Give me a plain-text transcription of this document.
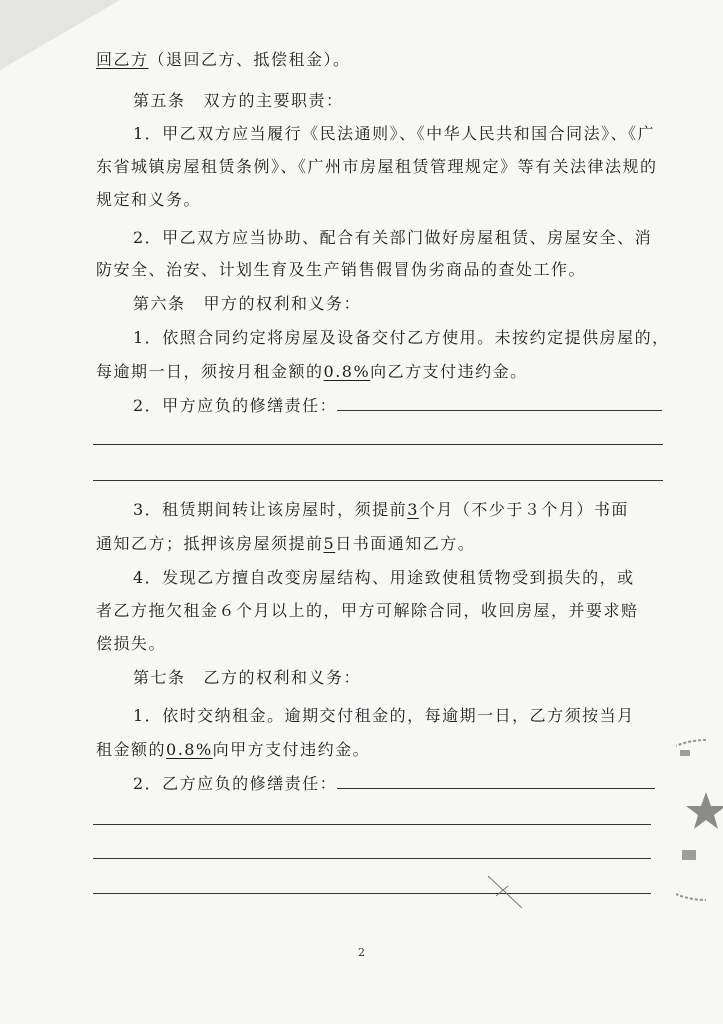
回乙方（退回乙方、抵偿租金）。
第五条 双方的主要职责：
1．甲乙双方应当履行《民法通则》、《中华人民共和国合同法》、《广
东省城镇房屋租赁条例》、《广州市房屋租赁管理规定》等有关法律法规的
规定和义务。
2．甲乙双方应当协助、配合有关部门做好房屋租赁、房屋安全、消
防安全、治安、计划生育及生产销售假冒伪劣商品的查处工作。
第六条 甲方的权利和义务：
1．依照合同约定将房屋及设备交付乙方使用。未按约定提供房屋的，
每逾期一日，须按月租金额的0.8%向乙方支付违约金。
2．甲方应负的修缮责任：
3．租赁期间转让该房屋时，须提前3个月（不少于３个月）书面
通知乙方；抵押该房屋须提前5日书面通知乙方。
4．发现乙方擅自改变房屋结构、用途致使租赁物受到损失的，或
者乙方拖欠租金６个月以上的，甲方可解除合同，收回房屋，并要求赔
偿损失。
第七条 乙方的权利和义务：
1．依时交纳租金。逾期交付租金的，每逾期一日，乙方须按当月
租金额的0.8%向甲方支付违约金。
2．乙方应负的修缮责任：
2
